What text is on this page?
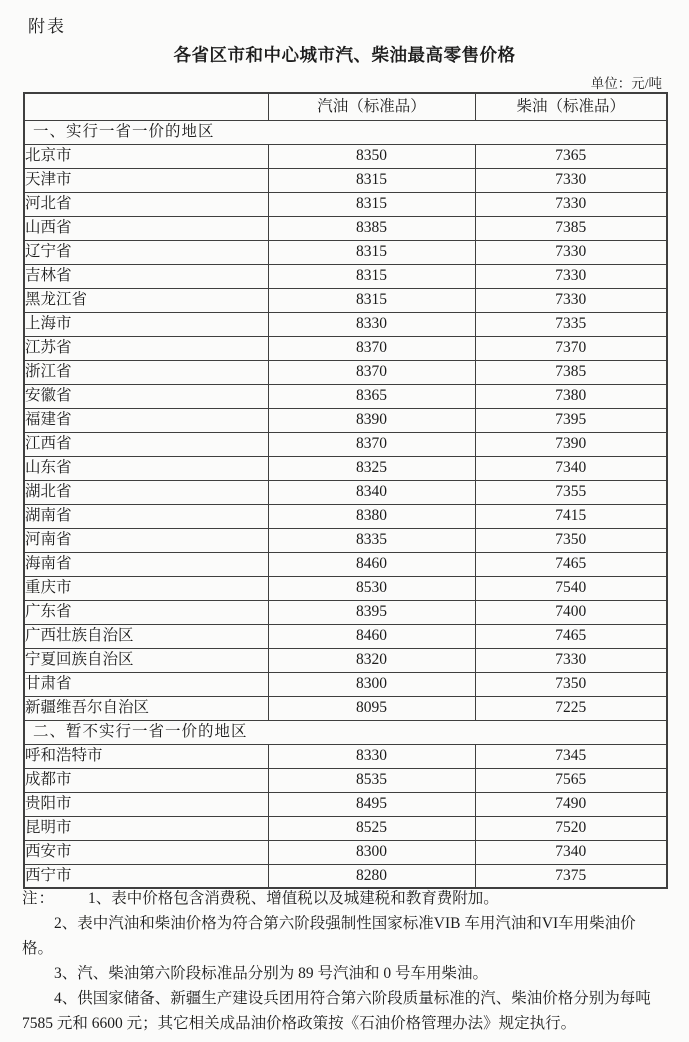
附表
各省区市和中心城市汽、柴油最高零售价格
单位：元/吨
	汽油（标准品）	柴油（标准品）
一、实行一省一价的地区		
北京市	8350	7365
天津市	8315	7330
河北省	8315	7330
山西省	8385	7385
辽宁省	8315	7330
吉林省	8315	7330
黑龙江省	8315	7330
上海市	8330	7335
江苏省	8370	7370
浙江省	8370	7385
安徽省	8365	7380
福建省	8390	7395
江西省	8370	7390
山东省	8325	7340
湖北省	8340	7355
湖南省	8380	7415
河南省	8335	7350
海南省	8460	7465
重庆市	8530	7540
广东省	8395	7400
广西壮族自治区	8460	7465
宁夏回族自治区	8320	7330
甘肃省	8300	7350
新疆维吾尔自治区	8095	7225
二、暂不实行一省一价的地区		
呼和浩特市	8330	7345
成都市	8535	7565
贵阳市	8495	7490
昆明市	8525	7520
西安市	8300	7340
西宁市	8280	7375

注： 1、表中价格包含消费税、增值税以及城建税和教育费附加。

2、表中汽油和柴油价格为符合第六阶段强制性国家标准VIB 车用汽油和VI车用柴油价格。

3、汽、柴油第六阶段标准品分别为 89 号汽油和 0 号车用柴油。

4、供国家储备、新疆生产建设兵团用符合第六阶段质量标准的汽、柴油价格分别为每吨7585 元和 6600 元；其它相关成品油价格政策按《石油价格管理办法》规定执行。
